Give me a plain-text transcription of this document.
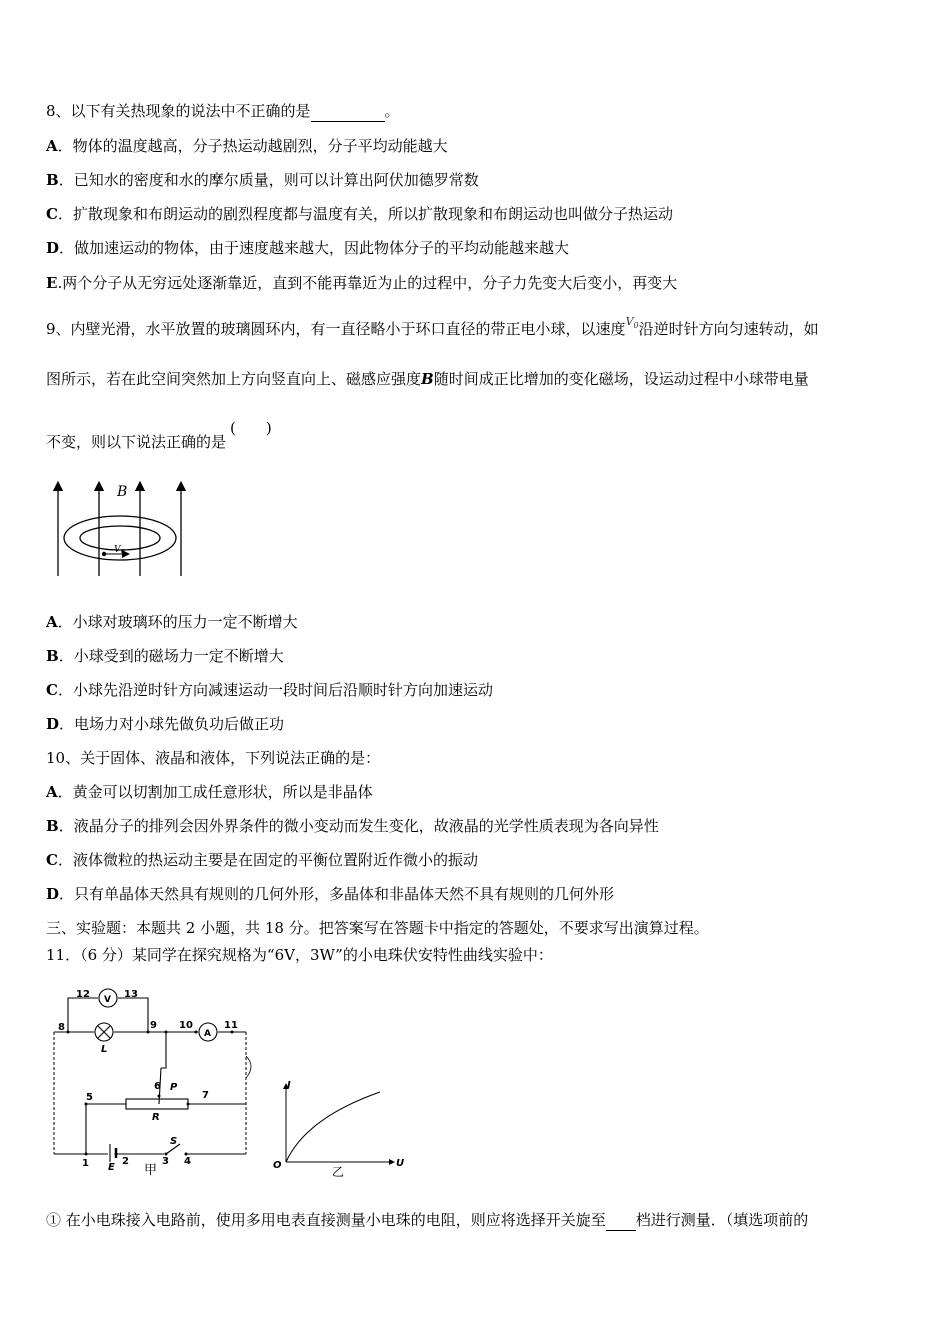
8、以下有关热现象的说法中不正确的是	。
A．物体的温度越高，分子热运动越剧烈，分子平均动能越大
B．已知水的密度和水的摩尔质量，则可以计算出阿伏加德罗常数
C．扩散现象和布朗运动的剧烈程度都与温度有关，所以扩散现象和布朗运动也叫做分子热运动
D．做加速运动的物体，由于速度越来越大，因此物体分子的平均动能越来越大
E.两个分子从无穷远处逐渐靠近，直到不能再靠近为止的过程中，分子力先变大后变小，再变大
9、内壁光滑，水平放置的玻璃圆环内，有一直径略小于环口直径的带正电小球，以速度$^{V_0}$沿逆时针方向匀速转动，如
图所示，若在此空间突然加上方向竖直向上、磁感应强度B随时间成正比增加的变化磁场，设运动过程中小球带电量
不变，则以下说法正确的是(　　)
B
V 0
A．小球对玻璃环的压力一定不断增大
B．小球受到的磁场力一定不断增大
C．小球先沿逆时针方向减速运动一段时间后沿顺时针方向加速运动
D．电场力对小球先做负功后做正功
10、关于固体、液晶和液体，下列说法正确的是：
A．黄金可以切割加工成任意形状，所以是非晶体
B．液晶分子的排列会因外界条件的微小变动而发生变化，故液晶的光学性质表现为各向异性
C．液体微粒的热运动主要是在固定的平衡位置附近作微小的振动
D．只有单晶体天然具有规则的几何外形，多晶体和非晶体天然不具有规则的几何外形
三、实验题：本题共 2 小题，共 18 分。把答案写在答题卡中指定的答题处，不要求写出演算过程。
11．（6 分）某同学在探究规格为“6V，3W”的小电珠伏安特性曲线实验中：
12	13
8	9 10	11
6
5	7
1	2	3 4
V
A
L
P
R
S
E 甲
I
U
O	乙
① 在小电珠接入电路前，使用多用电表直接测量小电珠的电阻，则应将选择开关旋至 档进行测量．（填选项前的
